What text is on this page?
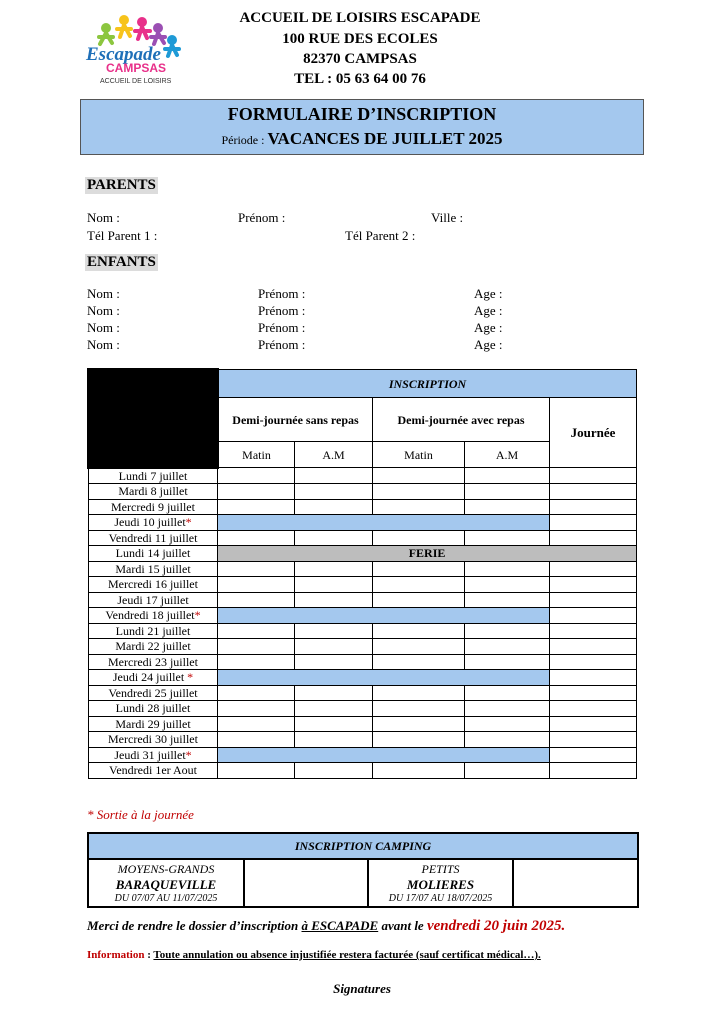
Escapade
CAMPSAS
ACCUEIL DE LOISIRS
ACCUEIL DE LOISIRS ESCAPADE
100 RUE DES ECOLES
82370 CAMPSAS
TEL : 05 63 64 00 76
FORMULAIRE D’INSCRIPTION
Période : VACANCES DE JUILLET 2025
PARENTS
Nom :	Prénom :	Ville :
Tél Parent 1 :	Tél Parent 2 :
ENFANTS
Nom :	Prénom :	Age :
Nom :	Prénom :	Age :
Nom :	Prénom :	Age :
Nom :	Prénom :	Age :
	INSCRIPTION				
	Demi-journée sans repas		Demi-journée avec repas		Journée
	Matin	A.M	Matin	A.M	
Lundi 7 juillet					
Mardi 8 juillet					
Mercredi 9 juillet					
Jeudi 10 juillet*					
Vendredi 11 juillet					
Lundi 14 juillet	FERIE				
Mardi 15 juillet					
Mercredi 16 juillet					
Jeudi 17 juillet					
Vendredi 18 juillet*					
Lundi 21 juillet					
Mardi 22 juillet					
Mercredi 23 juillet					
Jeudi 24 juillet *					
Vendredi 25 juillet					
Lundi 28 juillet					
Mardi 29 juillet					
Mercredi 30 juillet					
Jeudi 31 juillet*					
Vendredi 1er Aout					
* Sortie à la journée
INSCRIPTION CAMPING

MOYENS-GRANDS
BARAQUEVILLE
DU 07/07 AU 11/07/2025

PETITS
MOLIERES
DU 17/07 AU 18/07/2025

Merci de rendre le dossier d’inscription à ESCAPADE avant le vendredi 20 juin 2025.
Information : Toute annulation ou absence injustifiée restera facturée (sauf certificat médical…).
Signatures
